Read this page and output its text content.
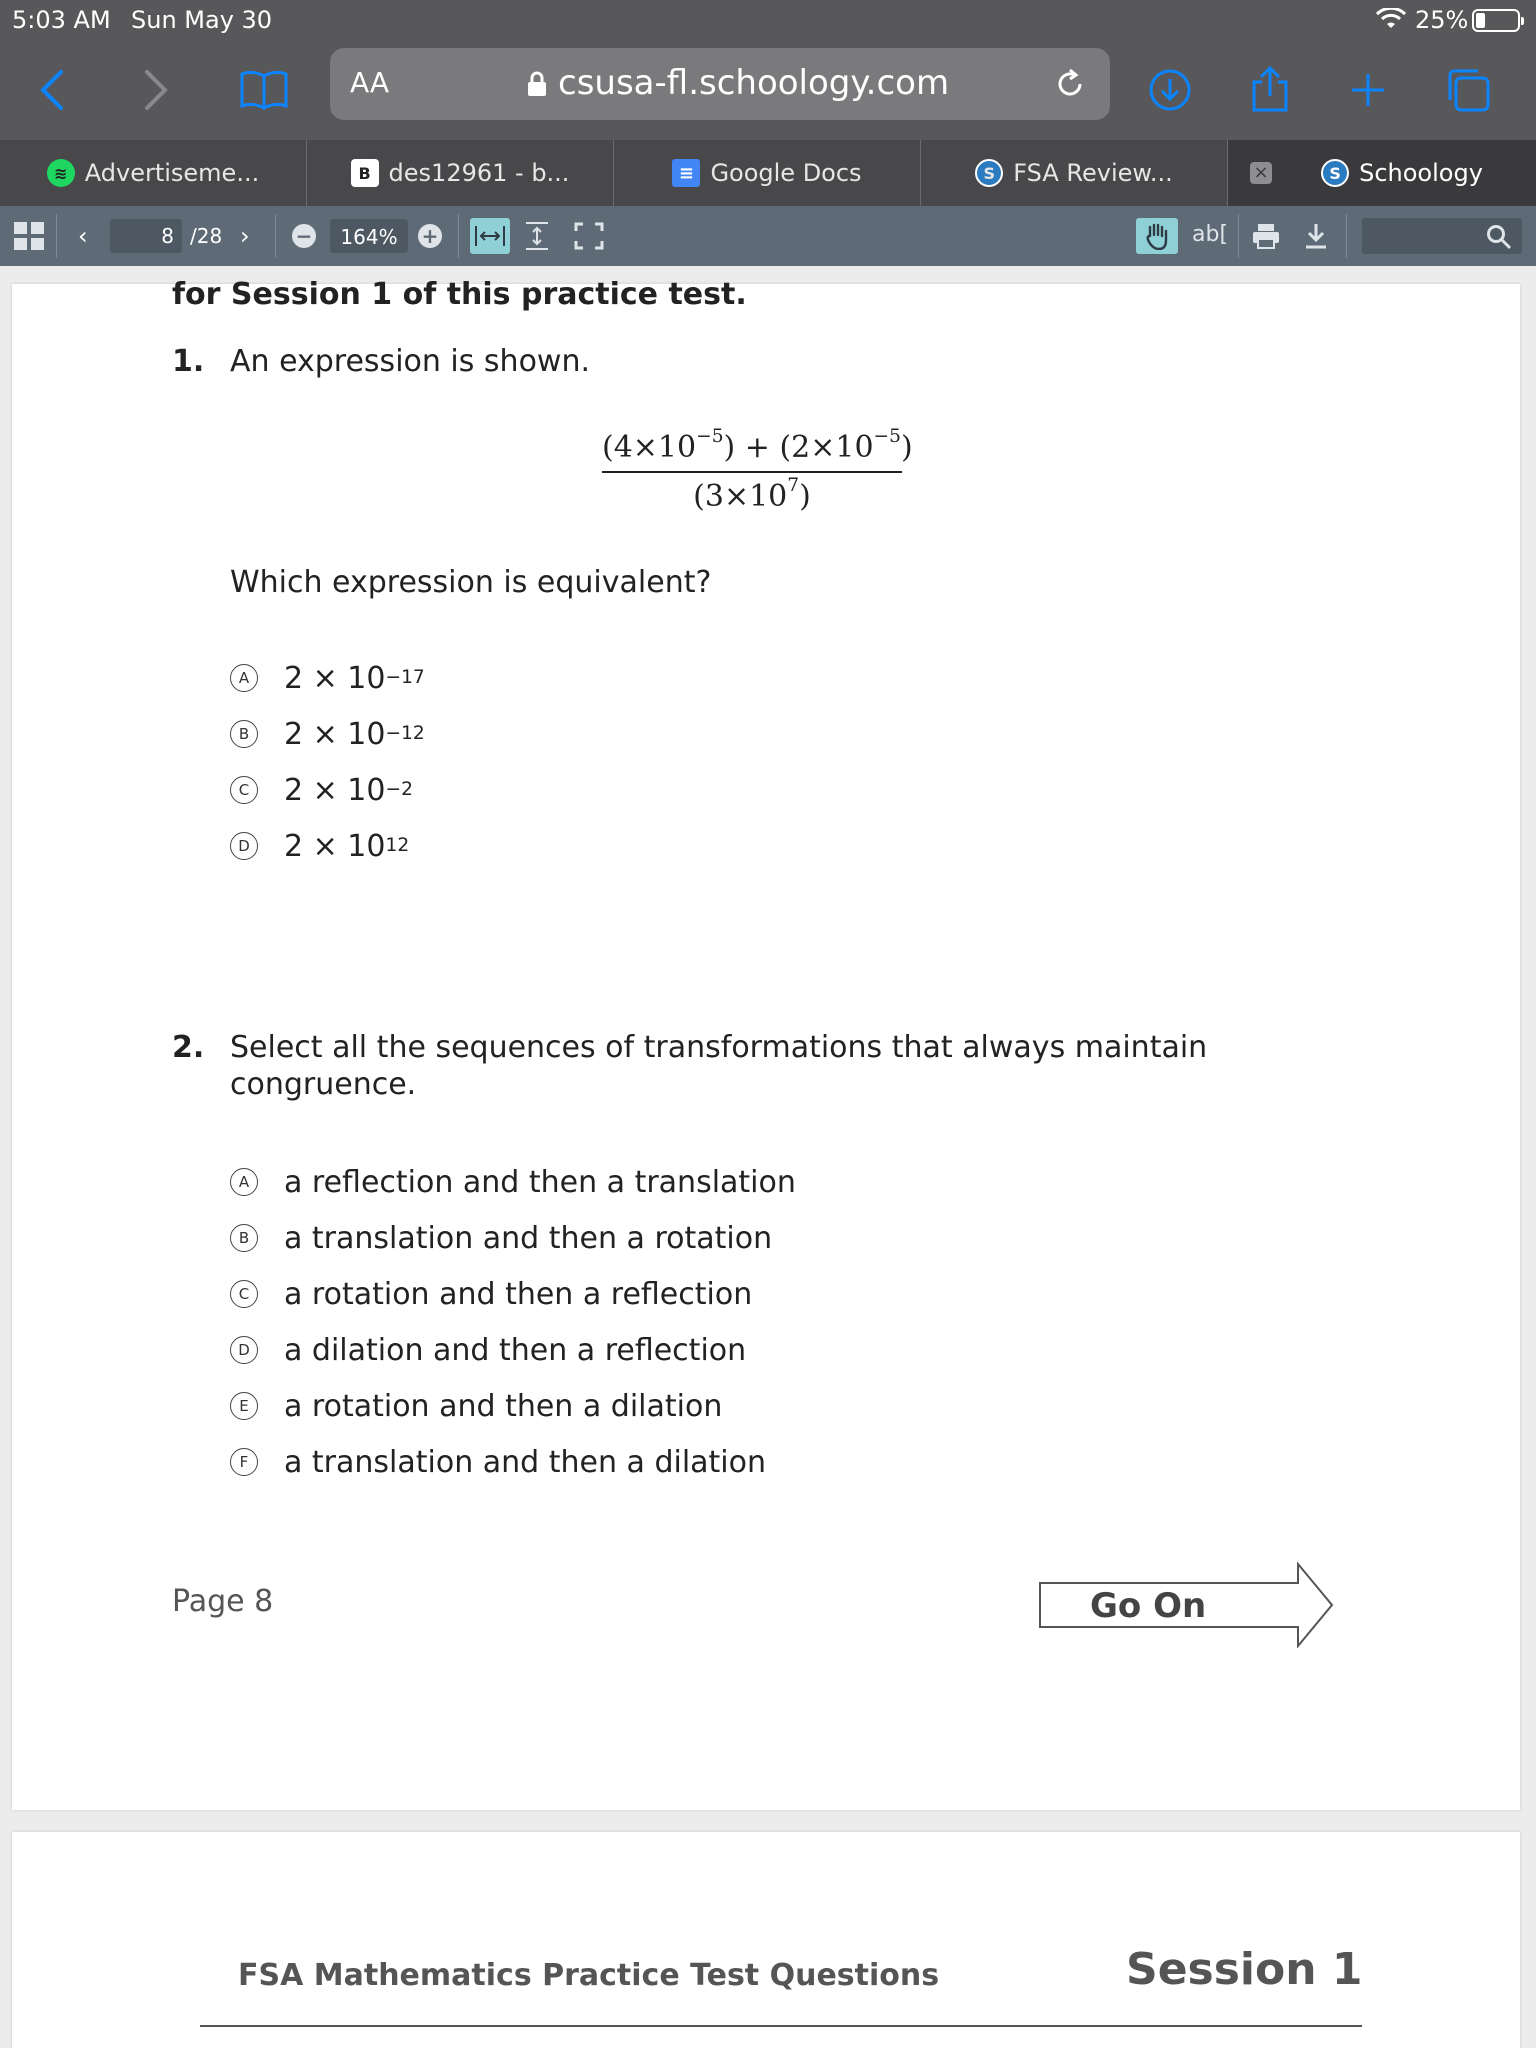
5:03 AM Sun May 30	25%
AA	csusa-fl.schoology.com
≋ Advertiseme...	B des12961 - b...	≡ Google Docs	S FSA Review...	S Schoology
×
‹	8 /28 › −	164%	+	ab[
for Session 1 of this practice test.
1. An expression is shown.
$(4\times 10^{-5}) + (2\times 10^{-5})$
$(3\times 10^7)$
Which expression is equivalent?
A 2 × 10 −17
B 2 × 10 −12
C 2 × 10 −2
D 2 × 10 12
2. Select all the sequences of transformations that always maintain
congruence.
A a reflection and then a translation
B a translation and then a rotation
C a rotation and then a reflection
D a dilation and then a reflection
E	a rotation and then a dilation
F	a translation and then a dilation
Page 8	Go On
FSA Mathematics Practice Test Questions	Session 1
